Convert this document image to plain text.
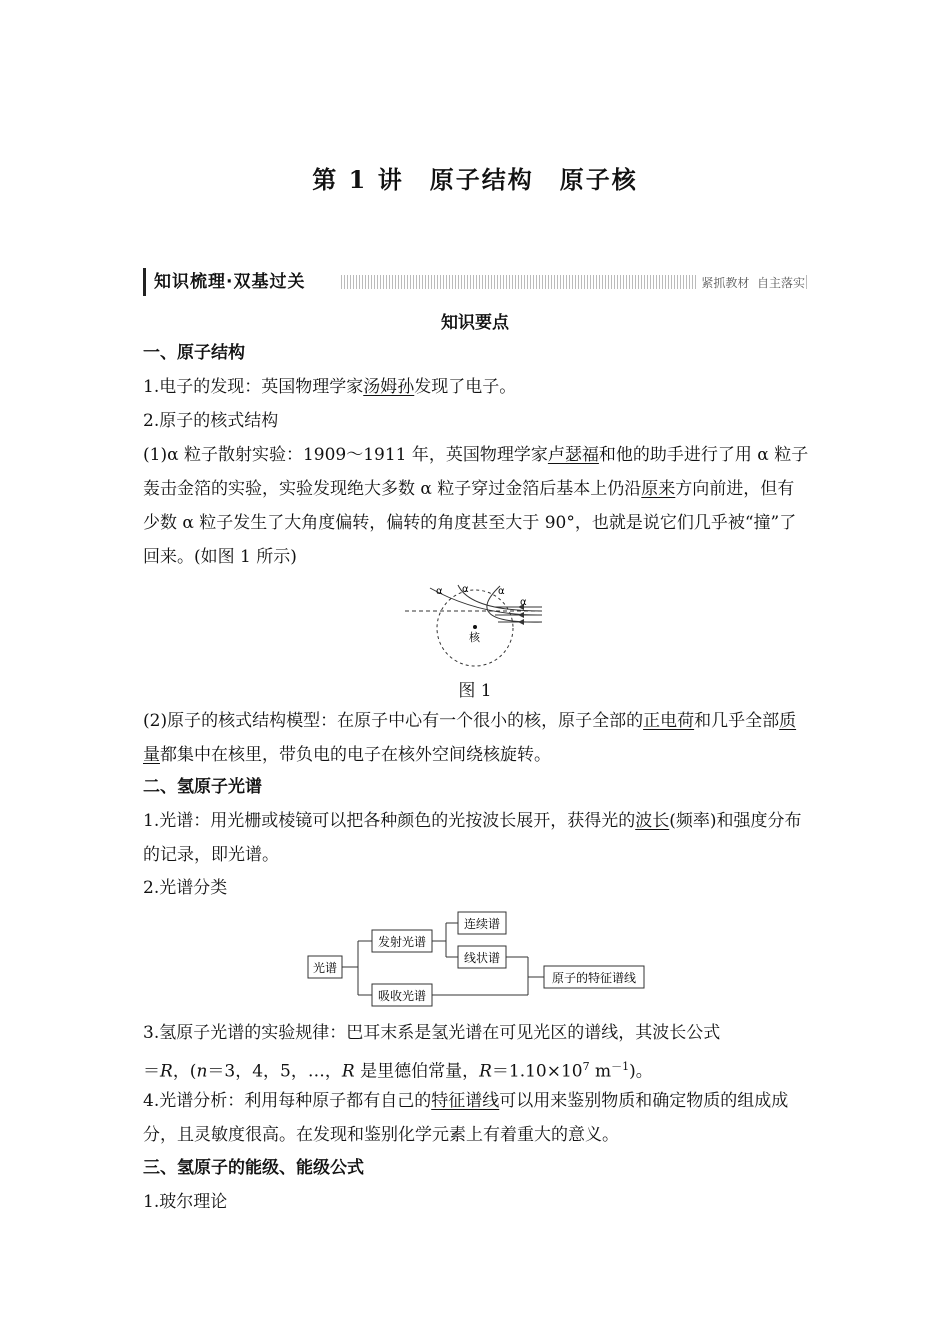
第 1 讲　原子结构　原子核
知识梳理·双基过关	紧抓教材  自主落实
知识要点
一、原子结构
1.电子的发现：英国物理学家汤姆孙发现了电子。
2.原子的核式结构
(1)α 粒子散射实验：1909～1911 年，英国物理学家卢瑟福和他的助手进行了用 α 粒子轰击金箔的实验，实验发现绝大多数 α 粒子穿过金箔后基本上仍沿原来方向前进，但有少数 α 粒子发生了大角度偏转，偏转的角度甚至大于 90°，也就是说它们几乎被“撞”了回来。(如图 1 所示)
α α	α
α
核
图 1
(2)原子的核式结构模型：在原子中心有一个很小的核，原子全部的正电荷和几乎全部质量都集中在核里，带负电的电子在核外空间绕核旋转。
二、氢原子光谱
1.光谱：用光栅或棱镜可以把各种颜色的光按波长展开，获得光的波长(频率)和强度分布的记录，即光谱。
2.光谱分类
光谱
发射光谱
吸收光谱
连续谱
线状谱
原子的特征谱线
3.氢原子光谱的实验规律：巴耳末系是氢光谱在可见光区的谱线，其波长公式
＝R，(n＝3，4，5，…，R 是里德伯常量，$R=1.10\times 10^7$ $m^{-1}$)。
4.光谱分析：利用每种原子都有自己的特征谱线可以用来鉴别物质和确定物质的组成成分，且灵敏度很高。在发现和鉴别化学元素上有着重大的意义。
三、氢原子的能级、能级公式
1.玻尔理论
